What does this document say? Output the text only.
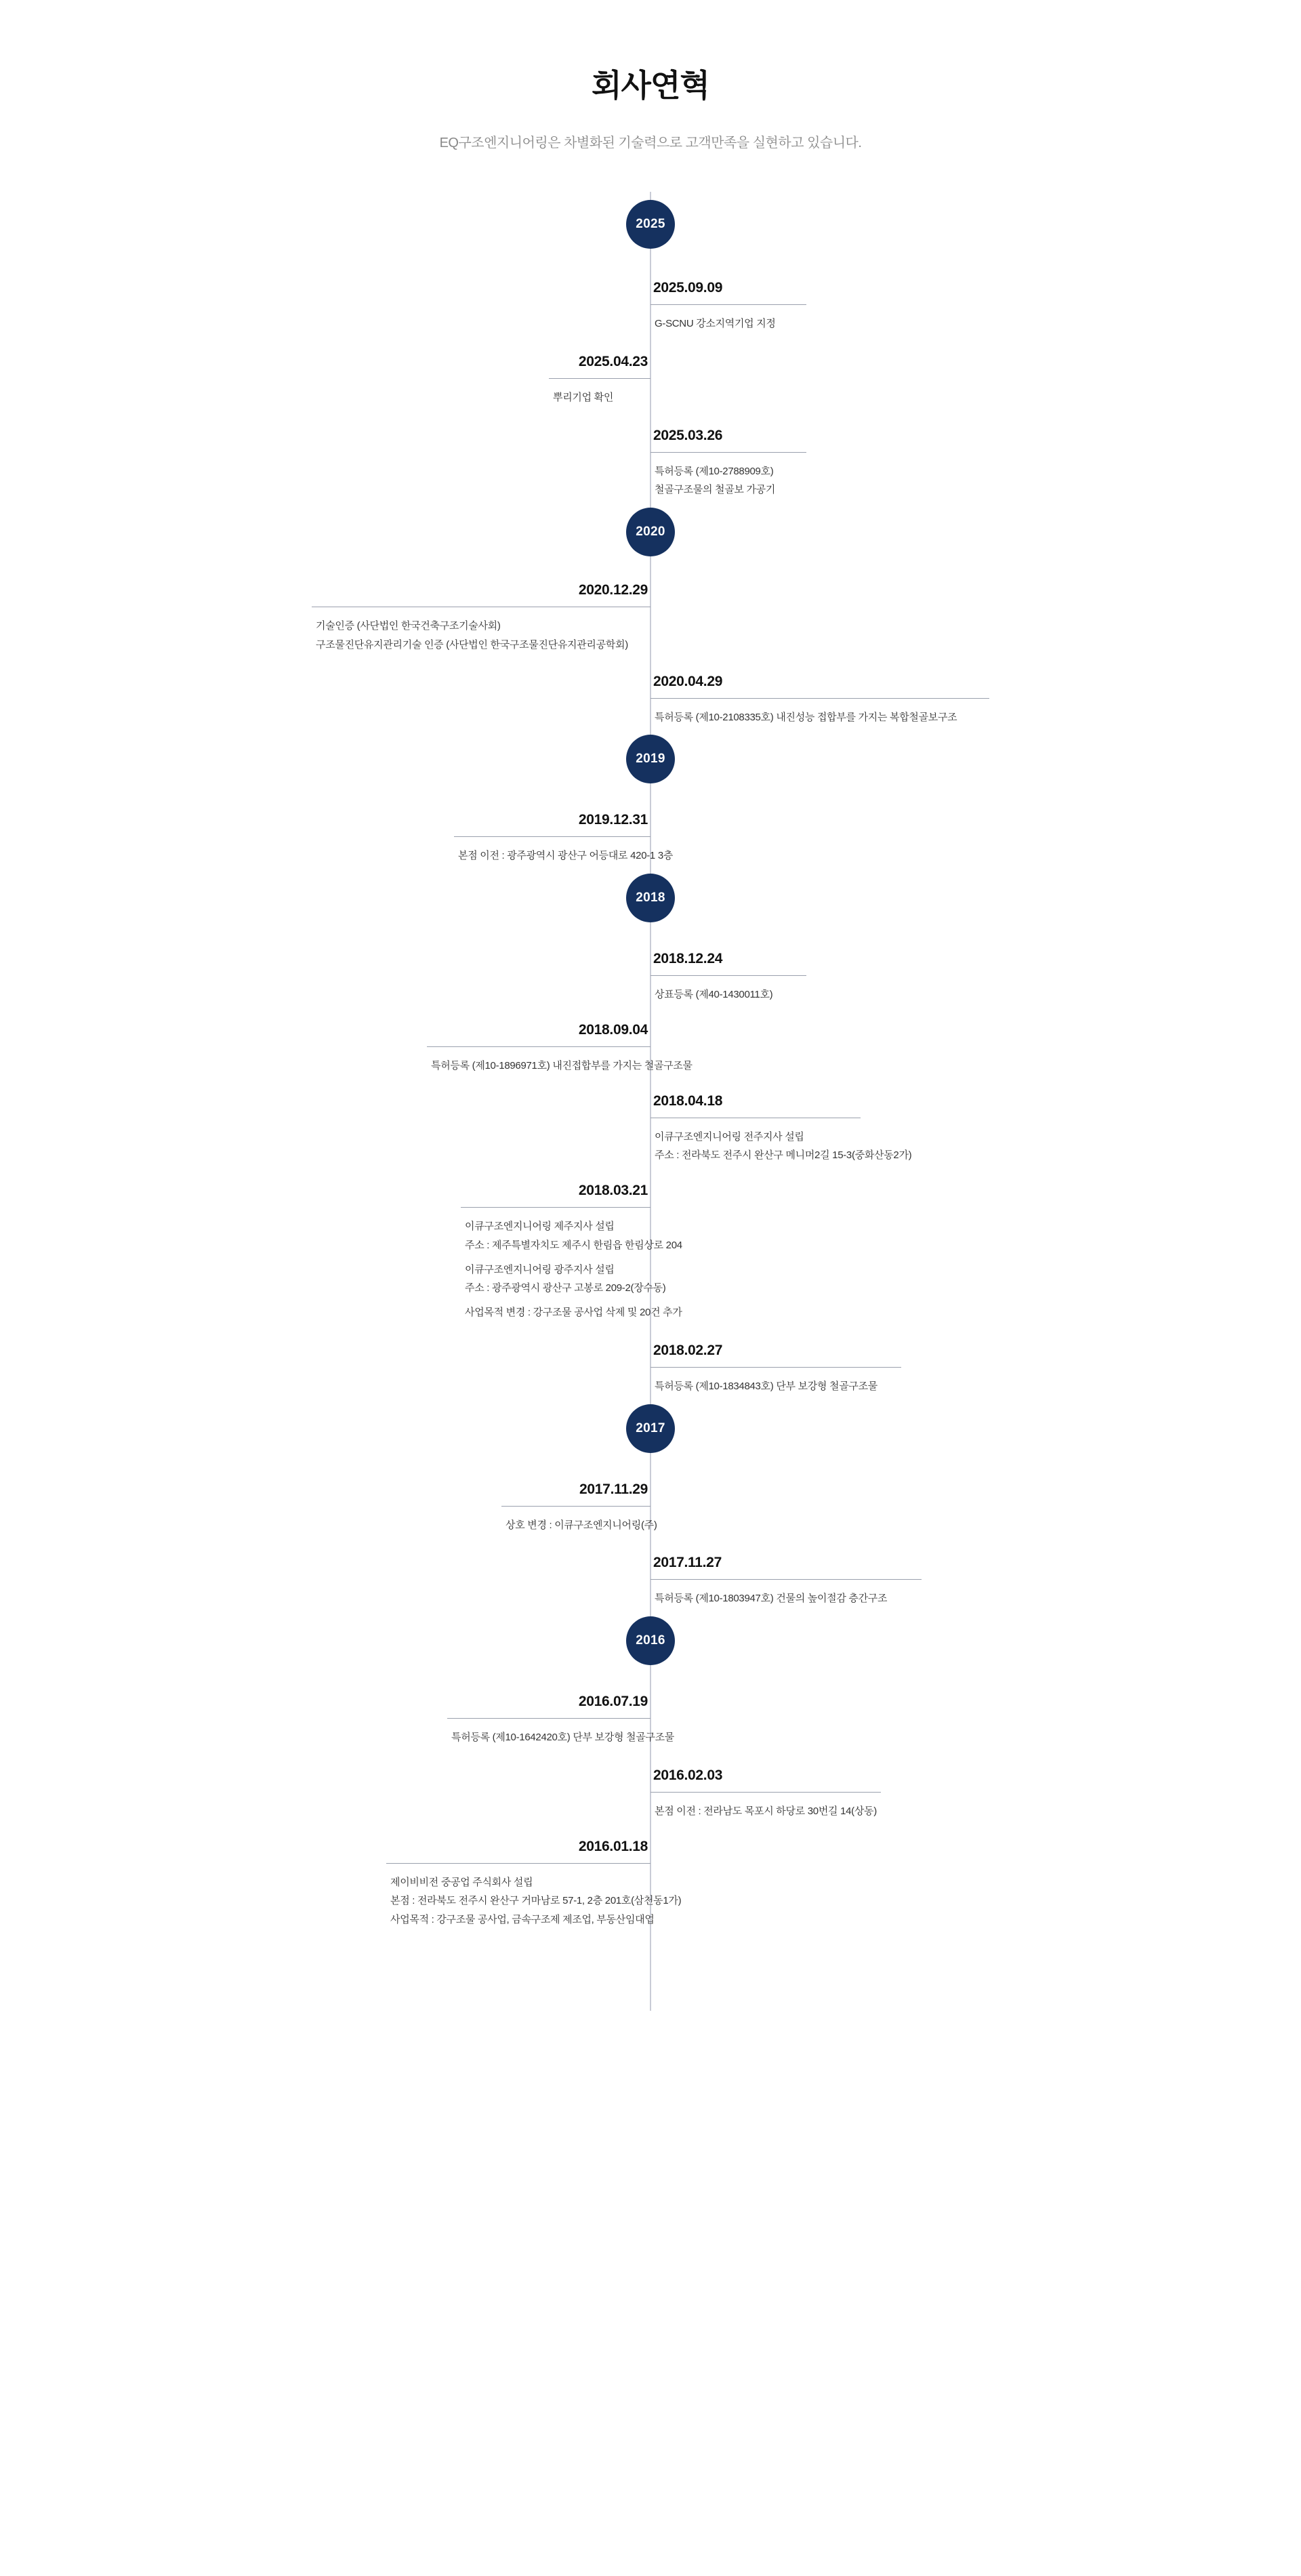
회사연혁
EQ구조엔지니어링은 차별화된 기술력으로 고객만족을 실현하고 있습니다.
2025
2025.09.09
G-SCNU 강소지역기업 지정
2025.04.23
뿌리기업 확인
2025.03.26
특허등록 (제10-2788909호)
철골구조물의 철골보 가공기
2020
2020.12.29
기술인증 (사단법인 한국건축구조기술사회)
구조물진단유지관리기술 인증 (사단법인 한국구조물진단유지관리공학회)
2020.04.29
특허등록 (제10-2108335호) 내진성능 접합부를 가지는 복합철골보구조
2019
2019.12.31
본점 이전 : 광주광역시 광산구 어등대로 420-1 3층
2018
2018.12.24
상표등록 (제40-1430011호)
2018.09.04
특허등록 (제10-1896971호) 내진접합부를 가지는 철골구조물
2018.04.18
이큐구조엔지니어링 전주지사 설립
주소 : 전라북도 전주시 완산구 메니머2길 15-3(중화산동2가)
2018.03.21
이큐구조엔지니어링 제주지사 설립
주소 : 제주특별자치도 제주시 한림읍 한림상로 204
이큐구조엔지니어링 광주지사 설립
주소 : 광주광역시 광산구 고봉로 209-2(장수동)
사업목적 변경 : 강구조물 공사업 삭제 및 20건 추가
2018.02.27
특허등록 (제10-1834843호) 단부 보강형 철골구조물
2017
2017.11.29
상호 변경 : 이큐구조엔지니어링(주)
2017.11.27
특허등록 (제10-1803947호) 건물의 높이절감 층간구조
2016
2016.07.19
특허등록 (제10-1642420호) 단부 보강형 철골구조물
2016.02.03
본점 이전 : 전라남도 목포시 하당로 30번길 14(상동)
2016.01.18
제이비비전 중공업 주식회사 설립
본점 : 전라북도 전주시 완산구 거마남로 57-1, 2층 201호(삼천동1가)
사업목적 : 강구조물 공사업, 금속구조제 제조업, 부동산임대업
